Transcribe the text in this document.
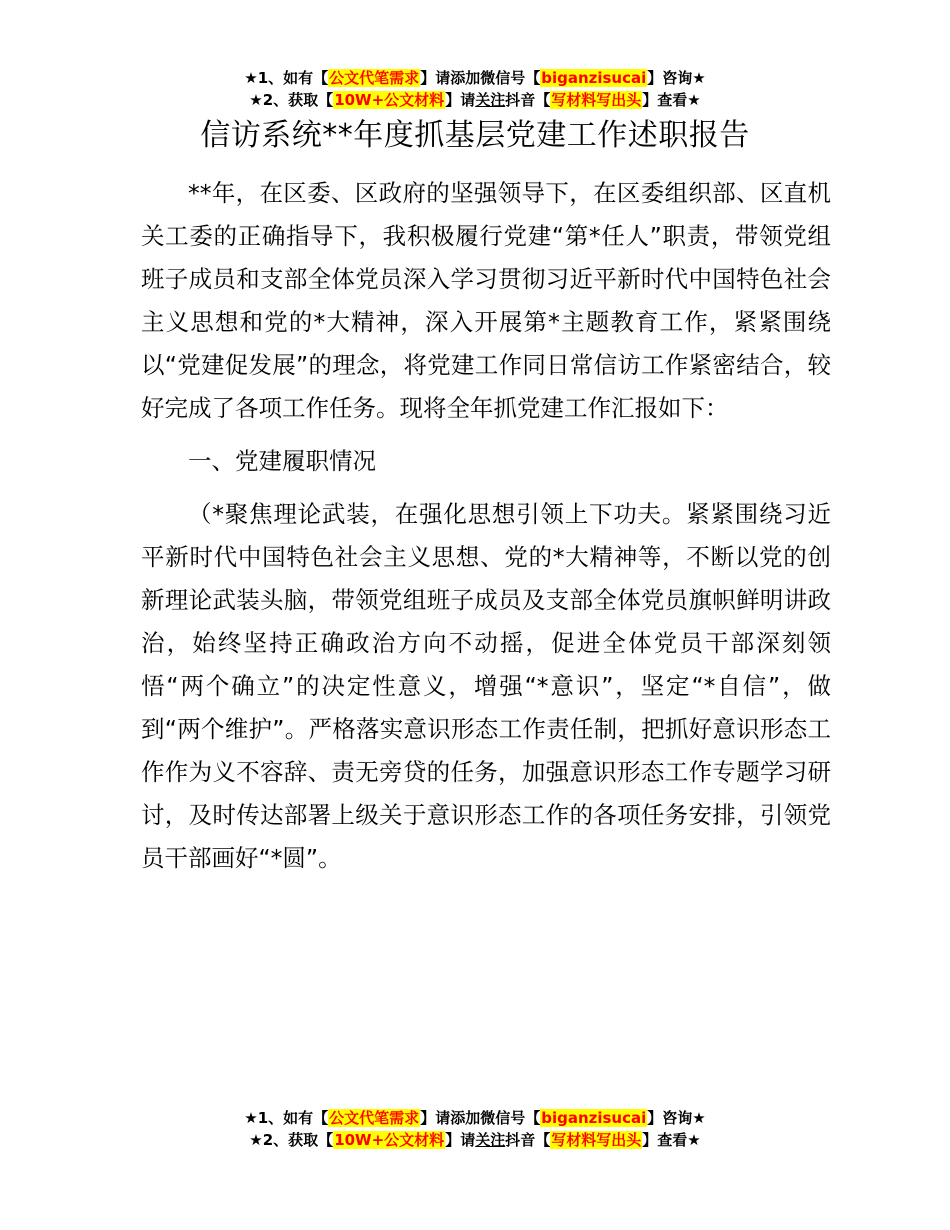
★1、如有【公文代笔需求】请添加微信号【biganzisucai】咨询★
★2、获取【10W+公文材料】请关注抖音【写材料写出头】查看★
信访系统**年度抓基层党建工作述职报告

**年，在区委、区政府的坚强领导下，在区委组织部、区直机关工委的正确指导下，我积极履行党建“第*任人”职责，带领党组班子成员和支部全体党员深入学习贯彻习近平新时代中国特色社会主义思想和党的*大精神，深入开展第*主题教育工作，紧紧围绕以“党建促发展”的理念，将党建工作同日常信访工作紧密结合，较好完成了各项工作任务。现将全年抓党建工作汇报如下：

一、党建履职情况

（*聚焦理论武装，在强化思想引领上下功夫。紧紧围绕习近平新时代中国特色社会主义思想、党的*大精神等，不断以党的创新理论武装头脑，带领党组班子成员及支部全体党员旗帜鲜明讲政治，始终坚持正确政治方向不动摇，促进全体党员干部深刻领悟“两个确立”的决定性意义，增强“*意识”，坚定“*自信”，做到“两个维护”。严格落实意识形态工作责任制，把抓好意识形态工作作为义不容辞、责无旁贷的任务，加强意识形态工作专题学习研讨，及时传达部署上级关于意识形态工作的各项任务安排，引领党员干部画好“*圆”。

★1、如有【公文代笔需求】请添加微信号【biganzisucai】咨询★
★2、获取【10W+公文材料】请关注抖音【写材料写出头】查看★
